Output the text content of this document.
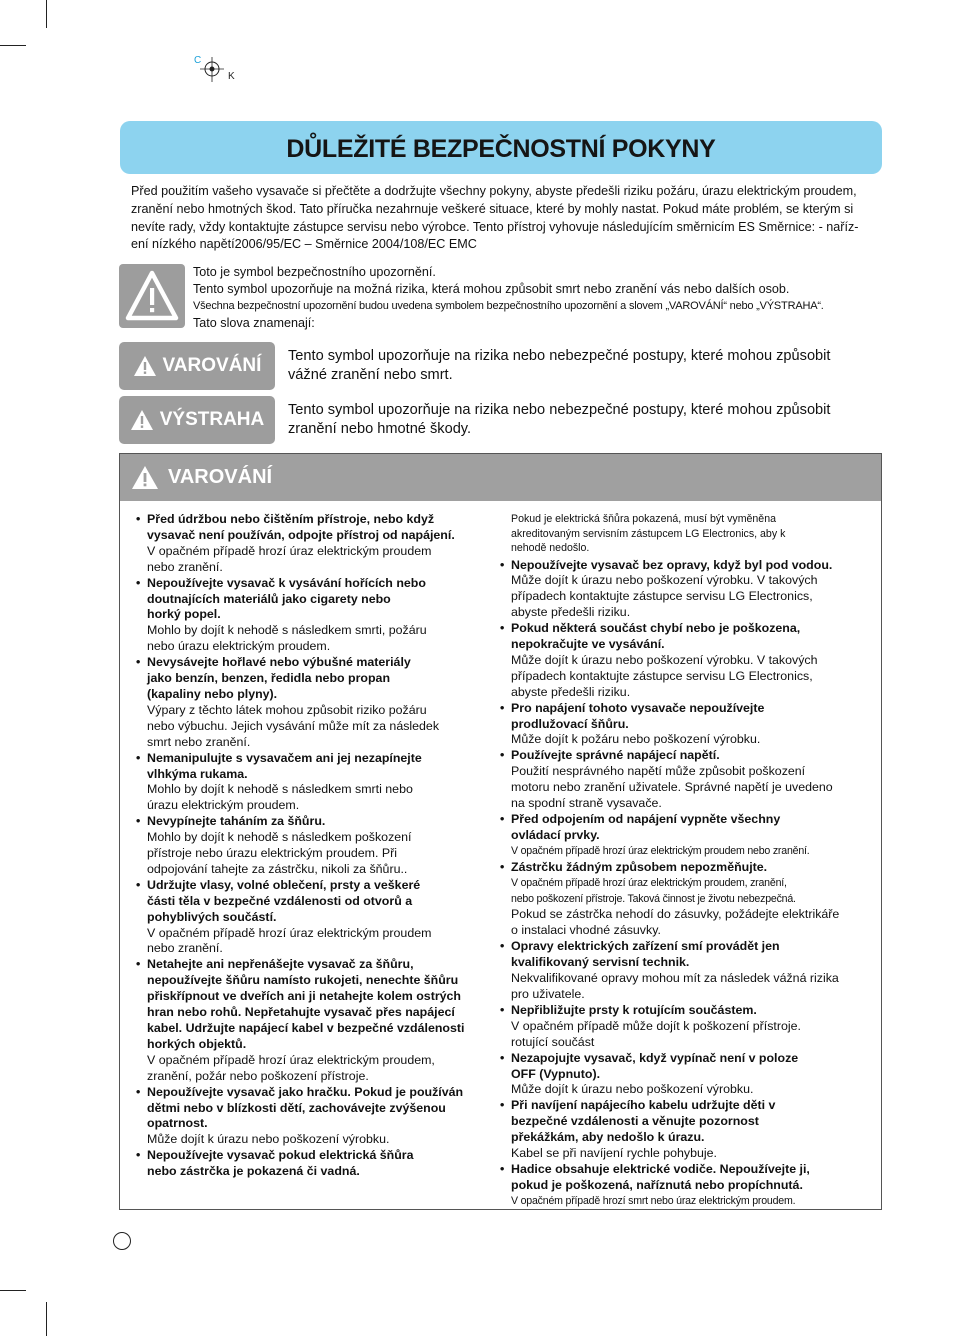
C
K
DŮLEŽITÉ BEZPEČNOSTNÍ POKYNY
Před použitím vašeho vysavače si přečtěte a dodržujte všechny pokyny, abyste předešli riziku požáru, úrazu elektrickým proudem,
zranění nebo hmotných škod. Tato příručka nezahrnuje veškeré situace, které by mohly nastat. Pokud máte problém, se kterým si
nevíte rady, vždy kontaktujte zástupce servisu nebo výrobce. Tento přístroj vyhovuje následujícím směrnicím ES Směrnice: - naříz-
ení nízkého napětí2006/95/EC – Směrnice 2004/108/EC EMC
Toto je symbol bezpečnostního upozornění.
Tento symbol upozorňuje na možná rizika, která mohou způsobit smrt nebo zranění vás nebo dalších osob.
Všechna bezpečnostní upozornění budou uvedena symbolem bezpečnostního upozornění a slovem „VAROVÁNÍ“ nebo „VÝSTRAHA“.
Tato slova znamenají:
VAROVÁNÍ Tento symbol upozorňuje na rizika nebo nebezpečné postupy, které mohou způsobit
vážné zranění nebo smrt.
VÝSTRAHA Tento symbol upozorňuje na rizika nebo nebezpečné postupy, které mohou způsobit
zranění nebo hmotné škody.
VAROVÁNÍ
• Před údržbou nebo čištěním přístroje, nebo když
vysavač není používán, odpojte přístroj od napájení.
V opačném případě hrozí úraz elektrickým proudem
nebo zranění.
• Nepoužívejte vysavač k vysávání hořících nebo
doutnajících materiálů jako cigarety nebo
horký popel.
Mohlo by dojít k nehodě s následkem smrti, požáru
nebo úrazu elektrickým proudem.
• Nevysávejte hořlavé nebo výbušné materiály
jako benzín, benzen, ředidla nebo propan
(kapaliny nebo plyny).
Výpary z těchto látek mohou způsobit riziko požáru
nebo výbuchu. Jejich vysávání může mít za následek
smrt nebo zranění.
• Nemanipulujte s vysavačem ani jej nezapínejte
vlhkýma rukama.
Mohlo by dojít k nehodě s následkem smrti nebo
úrazu elektrickým proudem.
• Nevypínejte taháním za šňůru.
Mohlo by dojít k nehodě s následkem poškození
přístroje nebo úrazu elektrickým proudem. Při
odpojování tahejte za zástrčku, nikoli za šňůru..
• Udržujte vlasy, volné oblečení, prsty a veškeré
části těla v bezpečné vzdálenosti od otvorů a
pohyblivých součástí.
V opačném případě hrozí úraz elektrickým proudem
nebo zranění.
• Netahejte ani nepřenášejte vysavač za šňůru,
nepoužívejte šňůru namísto rukojeti, nenechte šňůru
přiskřípnout ve dveřích ani ji netahejte kolem ostrých
hran nebo rohů. Nepřetahujte vysavač přes napájecí
kabel. Udržujte napájecí kabel v bezpečné vzdálenosti
horkých objektů.
V opačném případě hrozí úraz elektrickým proudem,
zranění, požár nebo poškození přístroje.
• Nepoužívejte vysavač jako hračku. Pokud je používán
dětmi nebo v blízkosti dětí, zachovávejte zvýšenou
opatrnost.
Může dojít k úrazu nebo poškození výrobku.
• Nepoužívejte vysavač pokud elektrická šňůra
nebo zástrčka je pokazená či vadná.
Pokud je elektrická šňůra pokazená, musí být vyměněna
akreditovaným servisním zástupcem LG Electronics, aby k
nehodě nedošlo.
• Nepoužívejte vysavač bez opravy, když byl pod vodou.
Může dojít k úrazu nebo poškození výrobku. V takových
případech kontaktujte zástupce servisu LG Electronics,
abyste předešli riziku.
• Pokud některá součást chybí nebo je poškozena,
nepokračujte ve vysávání.
Může dojít k úrazu nebo poškození výrobku. V takových
případech kontaktujte zástupce servisu LG Electronics,
abyste předešli riziku.
• Pro napájení tohoto vysavače nepoužívejte
prodlužovací šňůru.
Může dojít k požáru nebo poškození výrobku.
• Používejte správné napájecí napětí.
Použití nesprávného napětí může způsobit poškození
motoru nebo zranění uživatele. Správné napětí je uvedeno
na spodní straně vysavače.
• Před odpojením od napájení vypněte všechny
ovládací prvky.
V opačném případě hrozí úraz elektrickým proudem nebo zranění.
• Zástrčku žádným způsobem nepozměňujte.
V opačném případě hrozí úraz elektrickým proudem, zranění,
nebo poškození přístroje. Taková činnost je životu nebezpečná.
Pokud se zástrčka nehodí do zásuvky, požádejte elektrikáře
o instalaci vhodné zásuvky.
• Opravy elektrických zařízení smí provádět jen
kvalifikovaný servisní technik.
Nekvalifikované opravy mohou mít za následek vážná rizika
pro uživatele.
• Nepřibližujte prsty k rotujícím součástem.
V opačném případě může dojít k poškození přístroje.
rotující součást
• Nezapojujte vysavač, když vypínač není v poloze
OFF (Vypnuto).
Může dojít k úrazu nebo poškození výrobku.
• Při navíjení napájecího kabelu udržujte děti v
bezpečné vzdálenosti a věnujte pozornost
překážkám, aby nedošlo k úrazu.
Kabel se při navíjení rychle pohybuje.
• Hadice obsahuje elektrické vodiče. Nepoužívejte ji,
pokud je poškozená, naříznutá nebo propíchnutá.
V opačném případě hrozí smrt nebo úraz elektrickým proudem.
